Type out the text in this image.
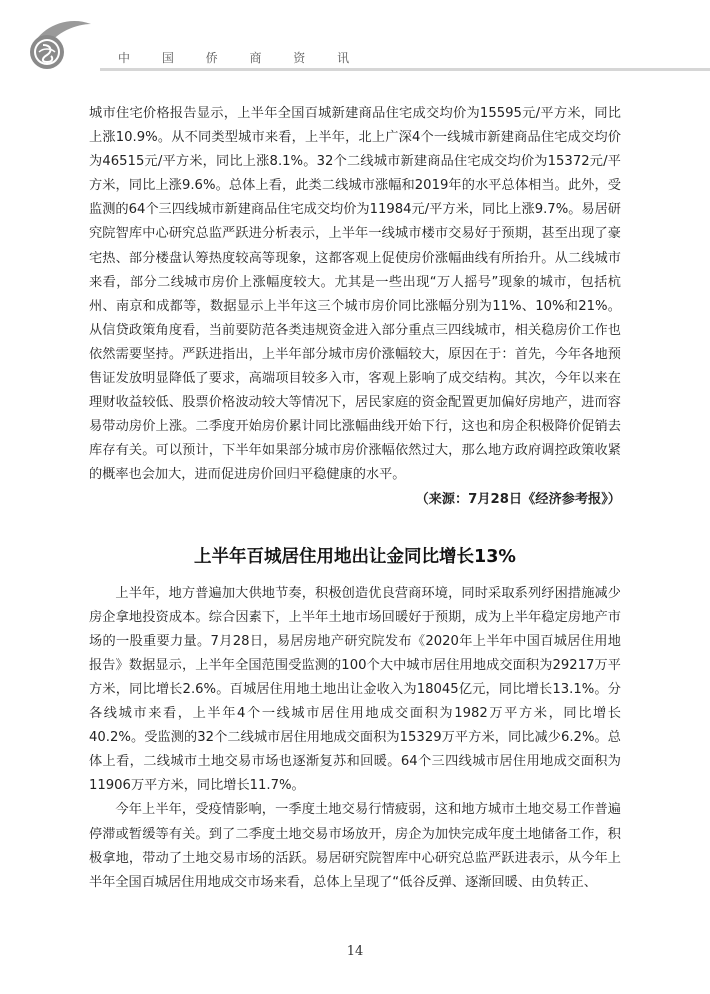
中 国 侨 商 资 讯

城市住宅价格报告显示，上半年全国百城新建商品住宅成交均价为15595元/平方米，同比上涨10.9%。从不同类型城市来看，上半年，北上广深4个一线城市新建商品住宅成交均价为46515元/平方米，同比上涨8.1%。32个二线城市新建商品住宅成交均价为15372元/平方米，同比上涨9.6%。总体上看，此类二线城市涨幅和2019年的水平总体相当。此外，受监测的64个三四线城市新建商品住宅成交均价为11984元/平方米，同比上涨9.7%。易居研究院智库中心研究总监严跃进分析表示，上半年一线城市楼市交易好于预期，甚至出现了豪宅热、部分楼盘认筹热度较高等现象，这都客观上促使房价涨幅曲线有所抬升。从二线城市来看，部分二线城市房价上涨幅度较大。尤其是一些出现“万人摇号”现象的城市，包括杭州、南京和成都等，数据显示上半年这三个城市房价同比涨幅分别为11%、10%和21%。从信贷政策角度看，当前要防范各类违规资金进入部分重点三四线城市，相关稳房价工作也依然需要坚持。严跃进指出，上半年部分城市房价涨幅较大，原因在于：首先，今年各地预售证发放明显降低了要求，高端项目较多入市，客观上影响了成交结构。其次，今年以来在理财收益较低、股票价格波动较大等情况下，居民家庭的资金配置更加偏好房地产，进而容易带动房价上涨。二季度开始房价累计同比涨幅曲线开始下行，这也和房企积极降价促销去库存有关。可以预计，下半年如果部分城市房价涨幅依然过大，那么地方政府调控政策收紧的概率也会加大，进而促进房价回归平稳健康的水平。

（来源：7月28日《经济参考报》）

上半年百城居住用地出让金同比增长13%

上半年，地方普遍加大供地节奏，积极创造优良营商环境，同时采取系列纾困措施减少房企拿地投资成本。综合因素下，上半年土地市场回暖好于预期，成为上半年稳定房地产市场的一股重要力量。7月28日，易居房地产研究院发布《2020年上半年中国百城居住用地报告》数据显示，上半年全国范围受监测的100个大中城市居住用地成交面积为29217万平方米，同比增长2.6%。百城居住用地土地出让金收入为18045亿元，同比增长13.1%。分各线城市来看，上半年4个一线城市居住用地成交面积为1982万平方米，同比增长40.2%。受监测的32个二线城市居住用地成交面积为15329万平方米，同比减少6.2%。总体上看，二线城市土地交易市场也逐渐复苏和回暖。64个三四线城市居住用地成交面积为11906万平方米，同比增长11.7%。

今年上半年，受疫情影响，一季度土地交易行情疲弱，这和地方城市土地交易工作普遍停滞或暂缓等有关。到了二季度土地交易市场放开，房企为加快完成年度土地储备工作，积极拿地，带动了土地交易市场的活跃。易居研究院智库中心研究总监严跃进表示，从今年上半年全国百城居住用地成交市场来看，总体上呈现了“低谷反弹、逐渐回暖、由负转正、

14
